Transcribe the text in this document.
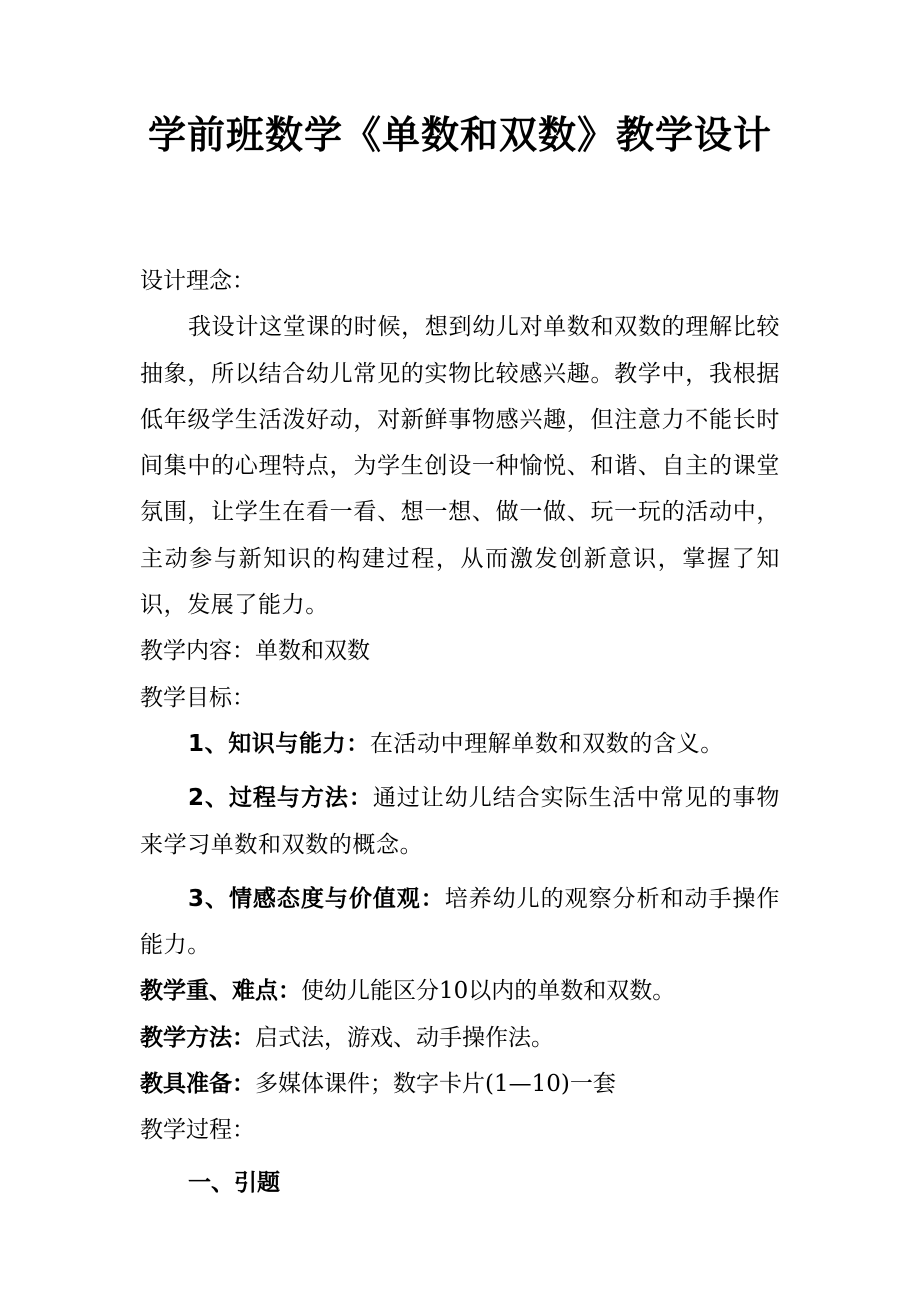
学前班数学《单数和双数》教学设计

设计理念：

我设计这堂课的时候，想到幼儿对单数和双数的理解比较抽象，所以结合幼儿常见的实物比较感兴趣。教学中，我根据低年级学生活泼好动，对新鲜事物感兴趣，但注意力不能长时间集中的心理特点，为学生创设一种愉悦、和谐、自主的课堂氛围，让学生在看一看、想一想、做一做、玩一玩的活动中，主动参与新知识的构建过程，从而激发创新意识，掌握了知识，发展了能力。

教学内容：单数和双数

教学目标：

1、知识与能力：在活动中理解单数和双数的含义。

2、过程与方法：通过让幼儿结合实际生活中常见的事物来学习单数和双数的概念。

3、情感态度与价值观：培养幼儿的观察分析和动手操作能力。

教学重、难点：使幼儿能区分10以内的单数和双数。

教学方法：启式法，游戏、动手操作法。

教具准备：多媒体课件；数字卡片(1—10)一套

教学过程：

一、引题
